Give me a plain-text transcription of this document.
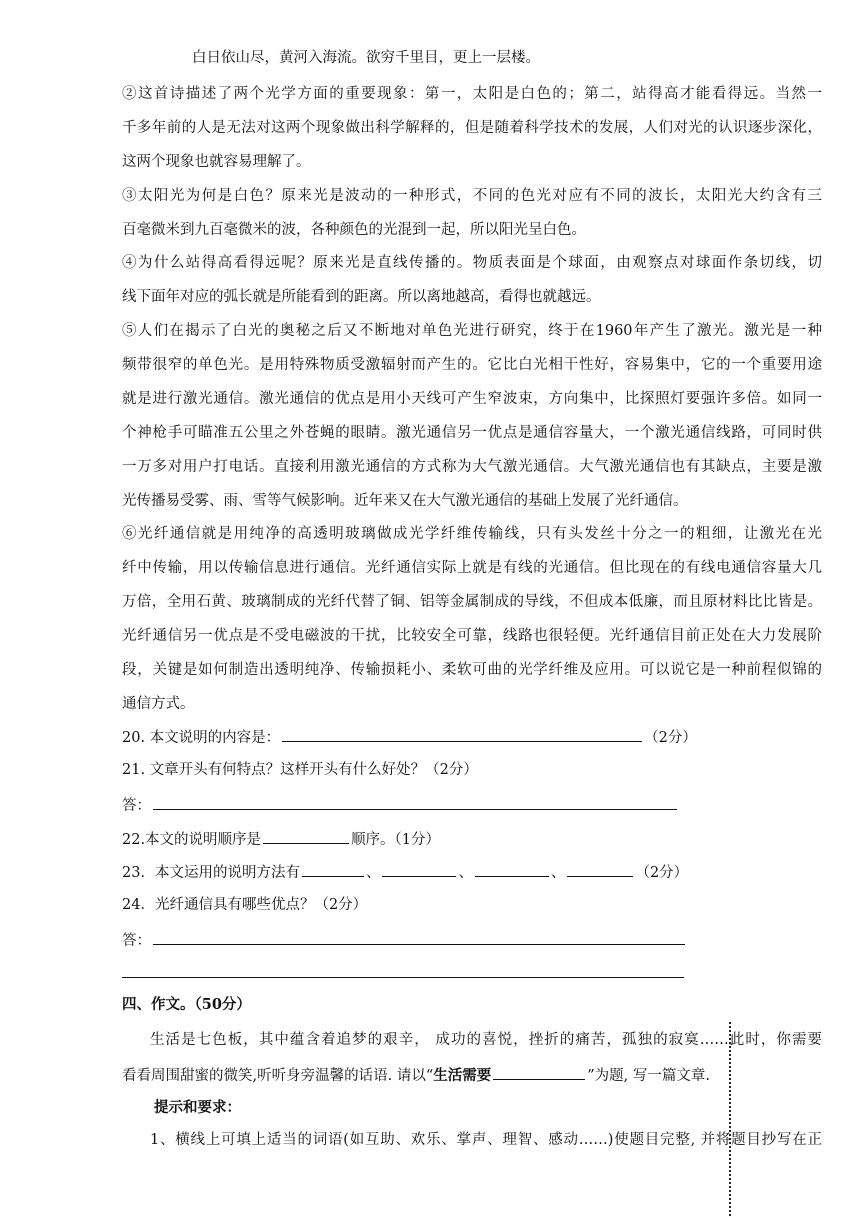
白日依山尽，黄河入海流。欲穷千里目，更上一层楼。
②这首诗描述了两个光学方面的重要现象：第一，太阳是白色的；第二，站得高才能看得远。当然一
千多年前的人是无法对这两个现象做出科学解释的，但是随着科学技术的发展，人们对光的认识逐步深化，
这两个现象也就容易理解了。
③太阳光为何是白色？原来光是波动的一种形式，不同的色光对应有不同的波长，太阳光大约含有三
百毫微米到九百毫微米的波，各种颜色的光混到一起，所以阳光呈白色。
④为什么站得高看得远呢？原来光是直线传播的。物质表面是个球面，由观察点对球面作条切线，切
线下面年对应的弧长就是所能看到的距离。所以离地越高，看得也就越远。
⑤人们在揭示了白光的奥秘之后又不断地对单色光进行研究，终于在1960年产生了激光。激光是一种
频带很窄的单色光。是用特殊物质受激辐射而产生的。它比白光相干性好，容易集中，它的一个重要用途
就是进行激光通信。激光通信的优点是用小天线可产生窄波束，方向集中，比探照灯要强许多倍。如同一
个神枪手可瞄准五公里之外苍蝇的眼睛。激光通信另一优点是通信容量大，一个激光通信线路，可同时供
一万多对用户打电话。直接利用激光通信的方式称为大气激光通信。大气激光通信也有其缺点，主要是激
光传播易受雾、雨、雪等气候影响。近年来又在大气激光通信的基础上发展了光纤通信。
⑥光纤通信就是用纯净的高透明玻璃做成光学纤维传输线，只有头发丝十分之一的粗细，让激光在光
纤中传输，用以传输信息进行通信。光纤通信实际上就是有线的光通信。但比现在的有线电通信容量大几
万倍，全用石黄、玻璃制成的光纤代替了铜、铝等金属制成的导线，不但成本低廉，而且原材料比比皆是。
光纤通信另一优点是不受电磁波的干扰，比较安全可靠，线路也很轻便。光纤通信目前正处在大力发展阶
段，关键是如何制造出透明纯净、传输损耗小、柔软可曲的光学纤维及应用。可以说它是一种前程似锦的
通信方式。
20. 本文说明的内容是：	（2分）
21. 文章开头有何特点？这样开头有什么好处？（2分）
答：
22.本文的说明顺序是	顺序。（1分）
23．本文运用的说明方法有	、	、	、	（2分）
24．光纤通信具有哪些优点？（2分）
答：
四、作文。（50分）
生活是七色板，其中蕴含着追梦的艰辛， 成功的喜悦，挫折的痛苦，孤独的寂寞……此时，你需要
看看周围甜蜜的微笑,听听身旁温馨的话语. 请以“生活需要	”为题, 写一篇文章.
提示和要求：
1、横线上可填上适当的词语(如互助、欢乐、掌声、理智、感动……)使题目完整, 并将题目抄写在正
